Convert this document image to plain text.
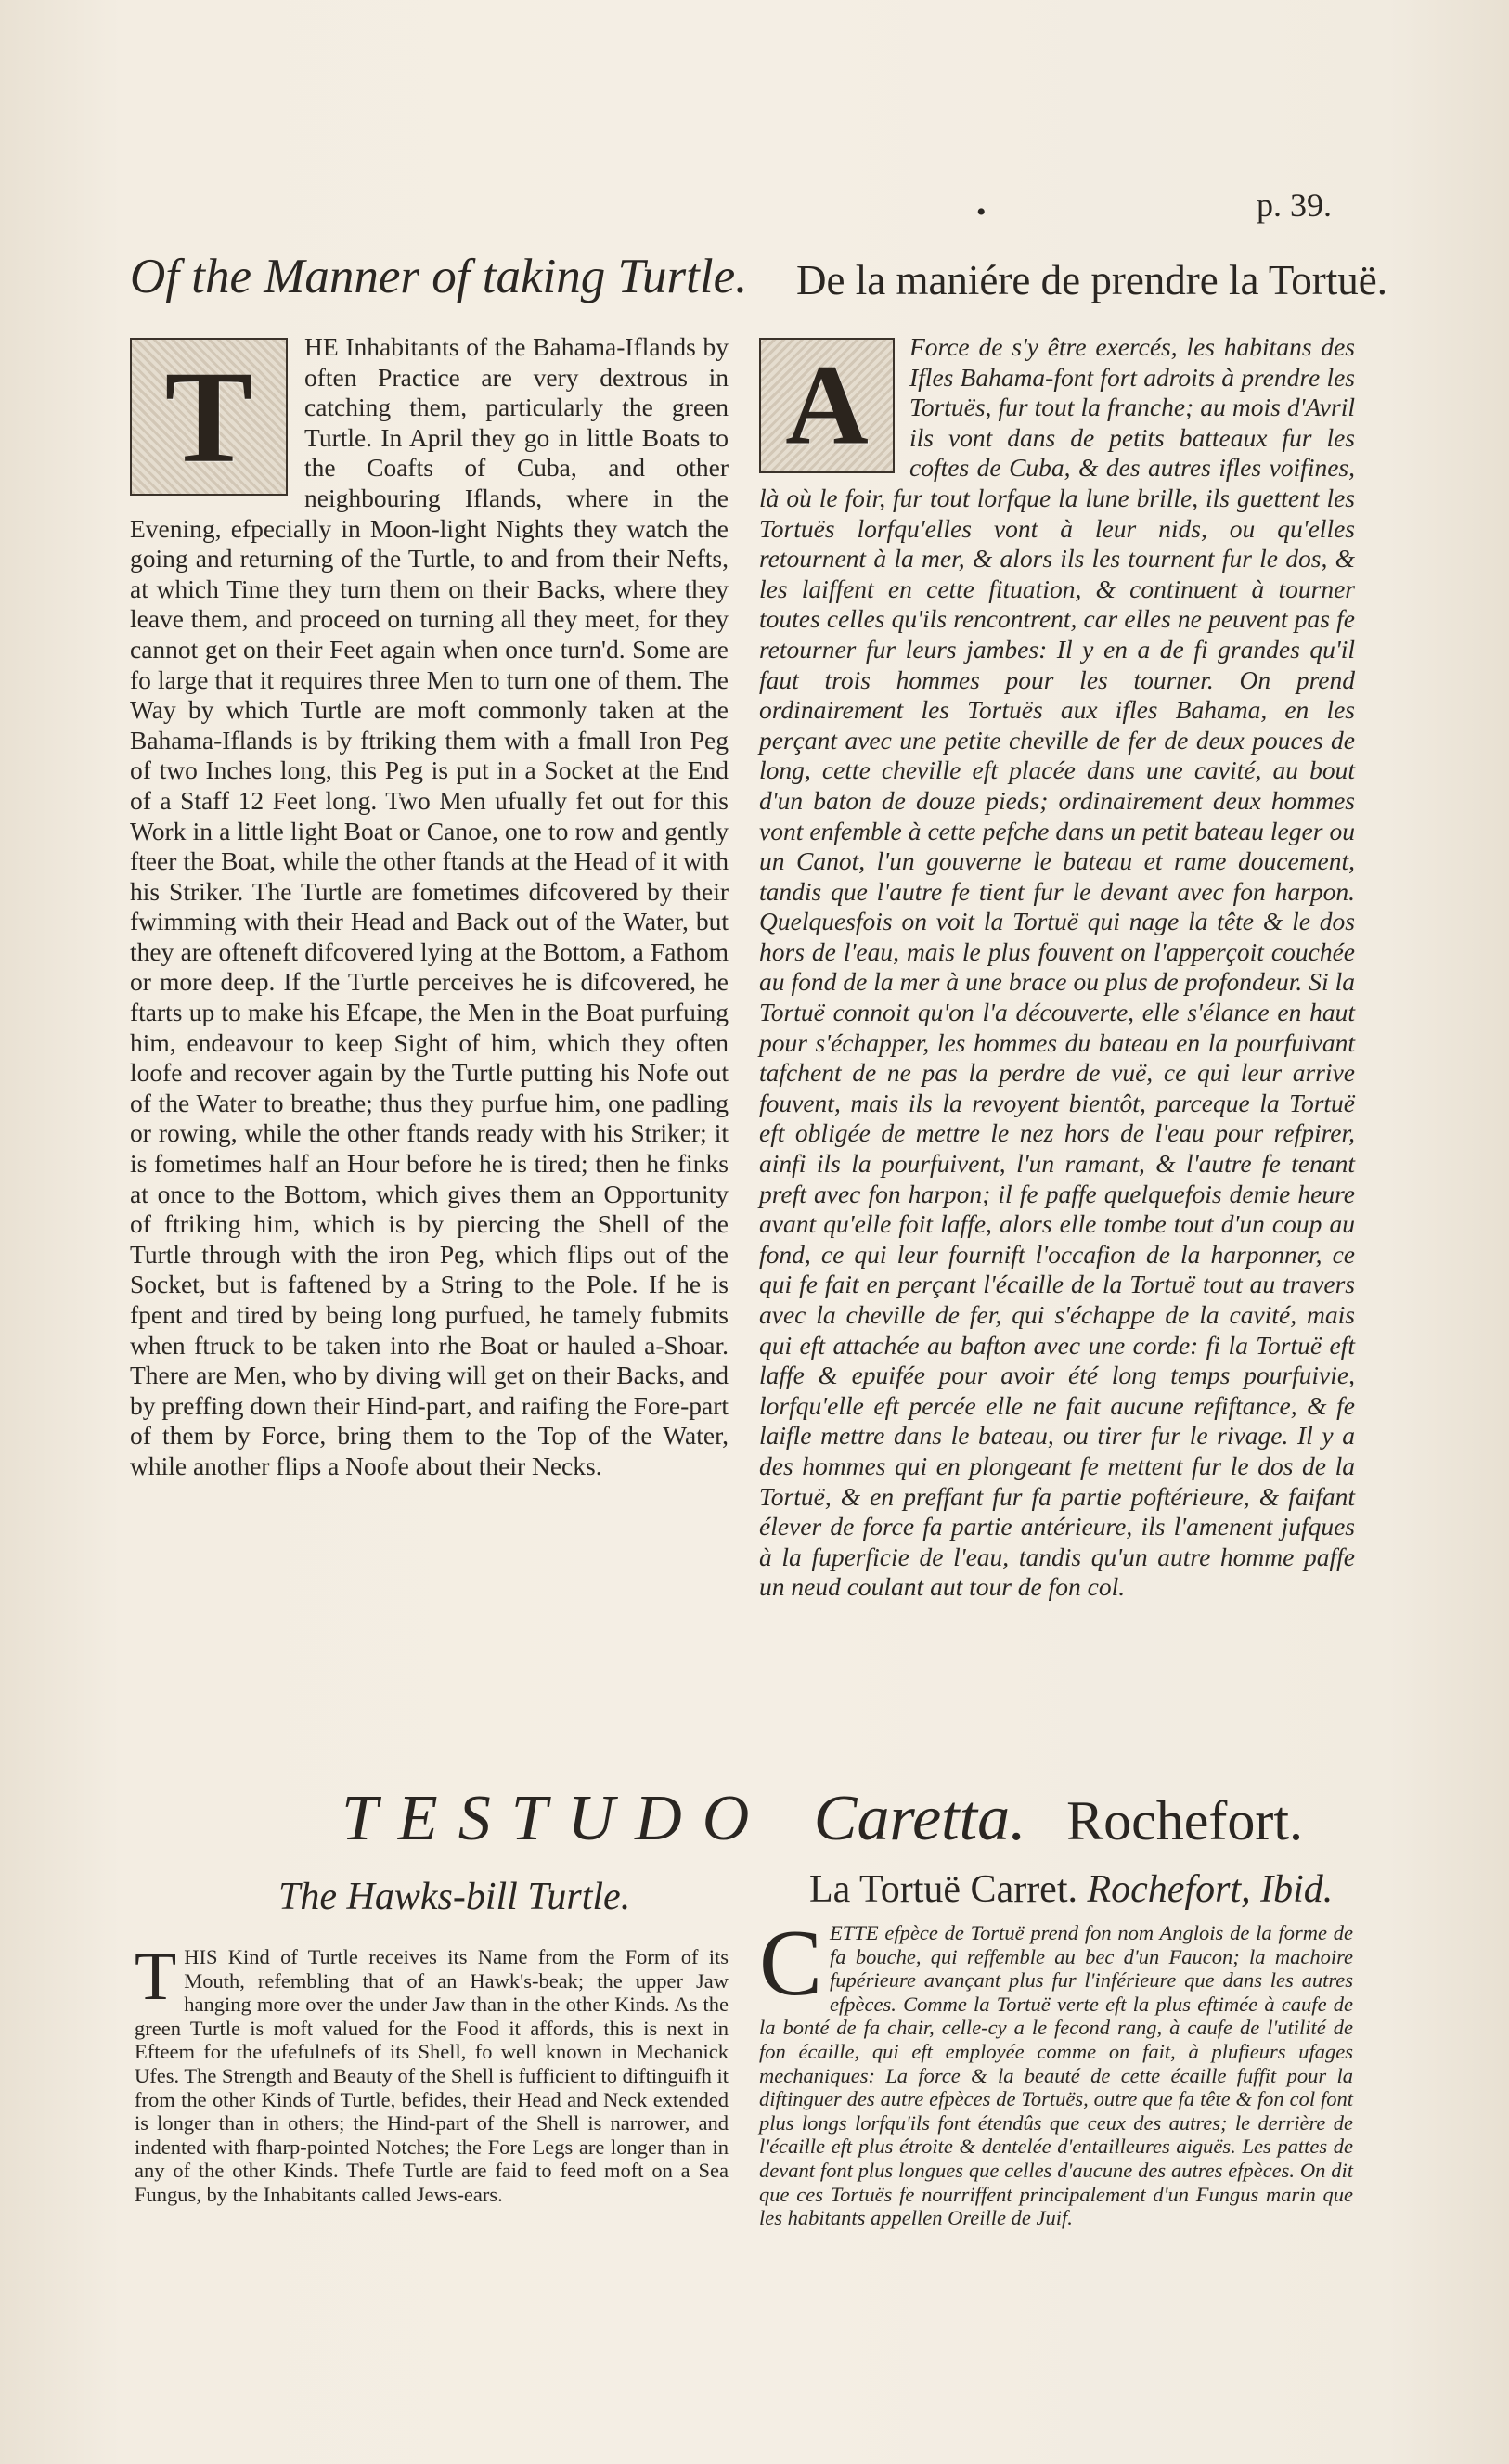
•	p. 39.
Of the Manner of taking Turtle. De la maniére de prendre la Tortuë.
T	HE Inhabitants of the Bahama-Iflands by often Practice are very dextrous in catching them, particularly the green Turtle. In April they go in little Boats to the Coafts of Cuba, and other neighbouring Iflands, where in the Evening, efpecially in Moon-light Nights they watch the going and returning of the Turtle, to and from their Nefts, at which Time they turn them on their Backs, where they leave them, and proceed on turning all they meet, for they cannot get on their Feet again when once turn'd. Some are fo large that it requires three Men to turn one of them. The Way by which Turtle are moft commonly taken at the Bahama-Iflands is by ftriking them with a fmall Iron Peg of two Inches long, this Peg is put in a Socket at the End of a Staff 12 Feet long. Two Men ufually fet out for this Work in a little light Boat or Canoe, one to row and gently fteer the Boat, while the other ftands at the Head of it with his Striker. The Turtle are fometimes difcovered by their fwimming with their Head and Back out of the Water, but they are ofteneft difcovered lying at the Bottom, a Fathom or more deep. If the Turtle perceives he is difcovered, he ftarts up to make his Efcape, the Men in the Boat purfuing him, endeavour to keep Sight of him, which they often loofe and recover again by the Turtle putting his Nofe out of the Water to breathe; thus they purfue him, one padling or rowing, while the other ftands ready with his Striker; it is fometimes half an Hour before he is tired; then he finks at once to the Bottom, which gives them an Opportunity of ftriking him, which is by piercing the Shell of the Turtle through with the iron Peg, which flips out of the Socket, but is faftened by a String to the Pole. If he is fpent and tired by being long purfued, he tamely fubmits when ftruck to be taken into rhe Boat or hauled a-Shoar. There are Men, who by diving will get on their Backs, and by preffing down their Hind-part, and raifing the Fore-part of them by Force, bring them to the Top of the Water, while another flips a Noofe about their Necks.

A	Force de s'y être exercés, les habitans des Ifles Bahama-font fort adroits à prendre les Tortuës, fur tout la franche; au mois d'Avril ils vont dans de petits batteaux fur les coftes de Cuba, & des autres ifles voifines, là où le foir, fur tout lorfque la lune brille, ils guettent les Tortuës lorfqu'elles vont à leur nids, ou qu'elles retournent à la mer, & alors ils les tournent fur le dos, & les laiffent en cette fituation, & continuent à tourner toutes celles qu'ils rencontrent, car elles ne peuvent pas fe retourner fur leurs jambes: Il y en a de fi grandes qu'il faut trois hommes pour les tourner. On prend ordinairement les Tortuës aux ifles Bahama, en les perçant avec une petite cheville de fer de deux pouces de long, cette cheville eft placée dans une cavité, au bout d'un baton de douze pieds; ordinairement deux hommes vont enfemble à cette pefche dans un petit bateau leger ou un Canot, l'un gouverne le bateau et rame doucement, tandis que l'autre fe tient fur le devant avec fon harpon. Quelquesfois on voit la Tortuë qui nage la tête & le dos hors de l'eau, mais le plus fouvent on l'apperçoit couchée au fond de la mer à une brace ou plus de profondeur. Si la Tortuë connoit qu'on l'a découverte, elle s'élance en haut pour s'échapper, les hommes du bateau en la pourfuivant tafchent de ne pas la perdre de vuë, ce qui leur arrive fouvent, mais ils la revoyent bientôt, parceque la Tortuë eft obligée de mettre le nez hors de l'eau pour refpirer, ainfi ils la pourfuivent, l'un ramant, & l'autre fe tenant preft avec fon harpon; il fe paffe quelquefois demie heure avant qu'elle foit laffe, alors elle tombe tout d'un coup au fond, ce qui leur fournift l'occafion de la harponner, ce qui fe fait en perçant l'écaille de la Tortuë tout au travers avec la cheville de fer, qui s'échappe de la cavité, mais qui eft attachée au bafton avec une corde: fi la Tortuë eft laffe & epuifée pour avoir été long temps pourfuivie, lorfqu'elle eft percée elle ne fait aucune refiftance, & fe laifle mettre dans le bateau, ou tirer fur le rivage. Il y a des hommes qui en plongeant fe mettent fur le dos de la Tortuë, & en preffant fur fa partie poftérieure, & faifant élever de force fa partie antérieure, ils l'amenent jufques à la fuperficie de l'eau, tandis qu'un autre homme paffe un neud coulant aut tour de fon col.

TESTUDO Caretta. Rochefort.
The Hawks-bill Turtle.	La Tortuë Carret. Rochefort, Ibid.
T HIS Kind of Turtle receives its Name from the Form of its Mouth, refembling that of an Hawk's-beak; the upper Jaw hanging more over the under Jaw than in the other Kinds. As the green Turtle is moft valued for the Food it affords, this is next in Efteem for the ufefulnefs of its Shell, fo well known in Mechanick Ufes. The Strength and Beauty of the Shell is fufficient to diftinguifh it from the other Kinds of Turtle, befides, their Head and Neck extended is longer than in others; the Hind-part of the Shell is narrower, and indented with fharp-pointed Notches; the Fore Legs are longer than in any of the other Kinds. Thefe Turtle are faid to feed moft on a Sea Fungus, by the Inhabitants called Jews-ears.

C ETTE efpèce de Tortuë prend fon nom Anglois de la forme de fa bouche, qui reffemble au bec d'un Faucon; la machoire fupérieure avançant plus fur l'inférieure que dans les autres efpèces. Comme la Tortuë verte eft la plus eftimée à caufe de la bonté de fa chair, celle-cy a le fecond rang, à caufe de l'utilité de fon écaille, qui eft employée comme on fait, à plufieurs ufages mechaniques: La force & la beauté de cette écaille fuffit pour la diftinguer des autre efpèces de Tortuës, outre que fa tête & fon col font plus longs lorfqu'ils font étendûs que ceux des autres; le derrière de l'écaille eft plus étroite & dentelée d'entailleures aiguës. Les pattes de devant font plus longues que celles d'aucune des autres efpèces. On dit que ces Tortuës fe nourriffent principalement d'un Fungus marin que les habitants appellen Oreille de Juif.
